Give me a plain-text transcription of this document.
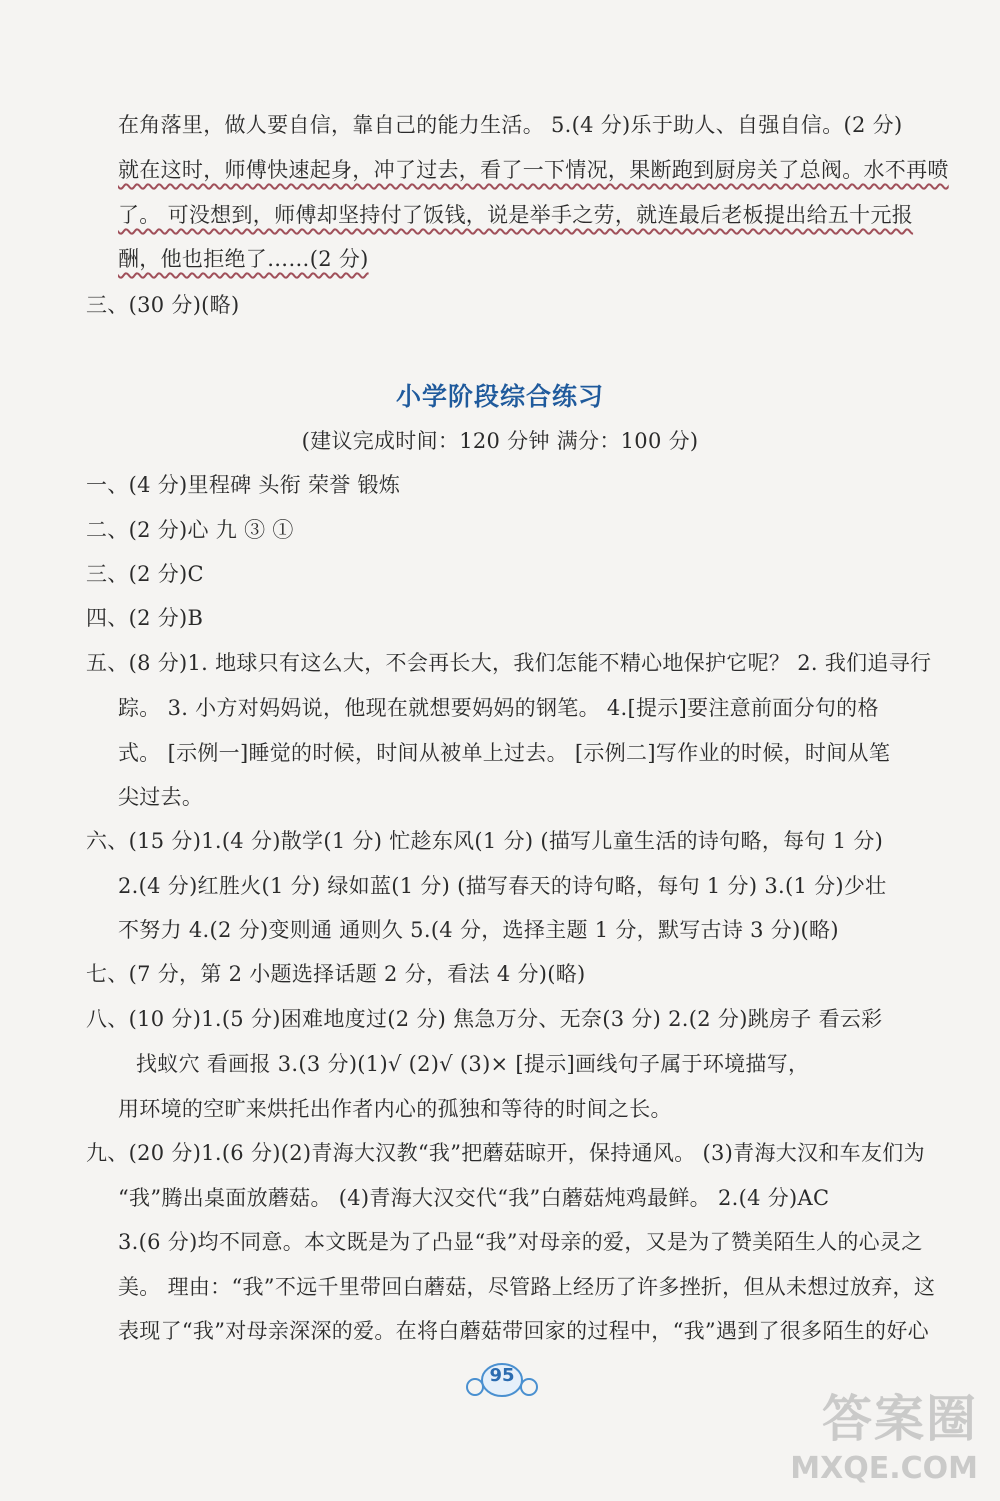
在角落里，做人要自信，靠自己的能力生活。 5.(4 分)乐于助人、自强自信。(2 分)
就在这时，师傅快速起身，冲了过去，看了一下情况，果断跑到厨房关了总阀。水不再喷
了。 可没想到，师傅却坚持付了饭钱，说是举手之劳，就连最后老板提出给五十元报
酬，他也拒绝了……(2 分)
三、(30 分)(略)
小学阶段综合练习
(建议完成时间：120 分钟 满分：100 分)
一、(4 分)里程碑 头衔 荣誉 锻炼
二、(2 分)心 九 ③ ①
三、(2 分)C
四、(2 分)B
五、(8 分)1. 地球只有这么大，不会再长大，我们怎能不精心地保护它呢？ 2. 我们追寻行
踪。 3. 小方对妈妈说，他现在就想要妈妈的钢笔。 4.[提示]要注意前面分句的格
式。 [示例一]睡觉的时候，时间从被单上过去。 [示例二]写作业的时候，时间从笔
尖过去。
六、(15 分)1.(4 分)散学(1 分) 忙趁东风(1 分) (描写儿童生活的诗句略，每句 1 分)
2.(4 分)红胜火(1 分) 绿如蓝(1 分) (描写春天的诗句略，每句 1 分) 3.(1 分)少壮
不努力 4.(2 分)变则通 通则久 5.(4 分，选择主题 1 分，默写古诗 3 分)(略)
七、(7 分，第 2 小题选择话题 2 分，看法 4 分)(略)
八、(10 分)1.(5 分)困难地度过(2 分) 焦急万分、无奈(3 分) 2.(2 分)跳房子 看云彩
找蚁穴 看画报 3.(3 分)(1)√ (2)√ (3)× [提示]画线句子属于环境描写，
用环境的空旷来烘托出作者内心的孤独和等待的时间之长。
九、(20 分)1.(6 分)(2)青海大汉教“我”把蘑菇晾开，保持通风。 (3)青海大汉和车友们为
“我”腾出桌面放蘑菇。 (4)青海大汉交代“我”白蘑菇炖鸡最鲜。 2.(4 分)AC
3.(6 分)均不同意。本文既是为了凸显“我”对母亲的爱，又是为了赞美陌生人的心灵之
美。 理由：“我”不远千里带回白蘑菇，尽管路上经历了许多挫折，但从未想过放弃，这
表现了“我”对母亲深深的爱。在将白蘑菇带回家的过程中，“我”遇到了很多陌生的好心
95
答案圈
MXQE.COM
